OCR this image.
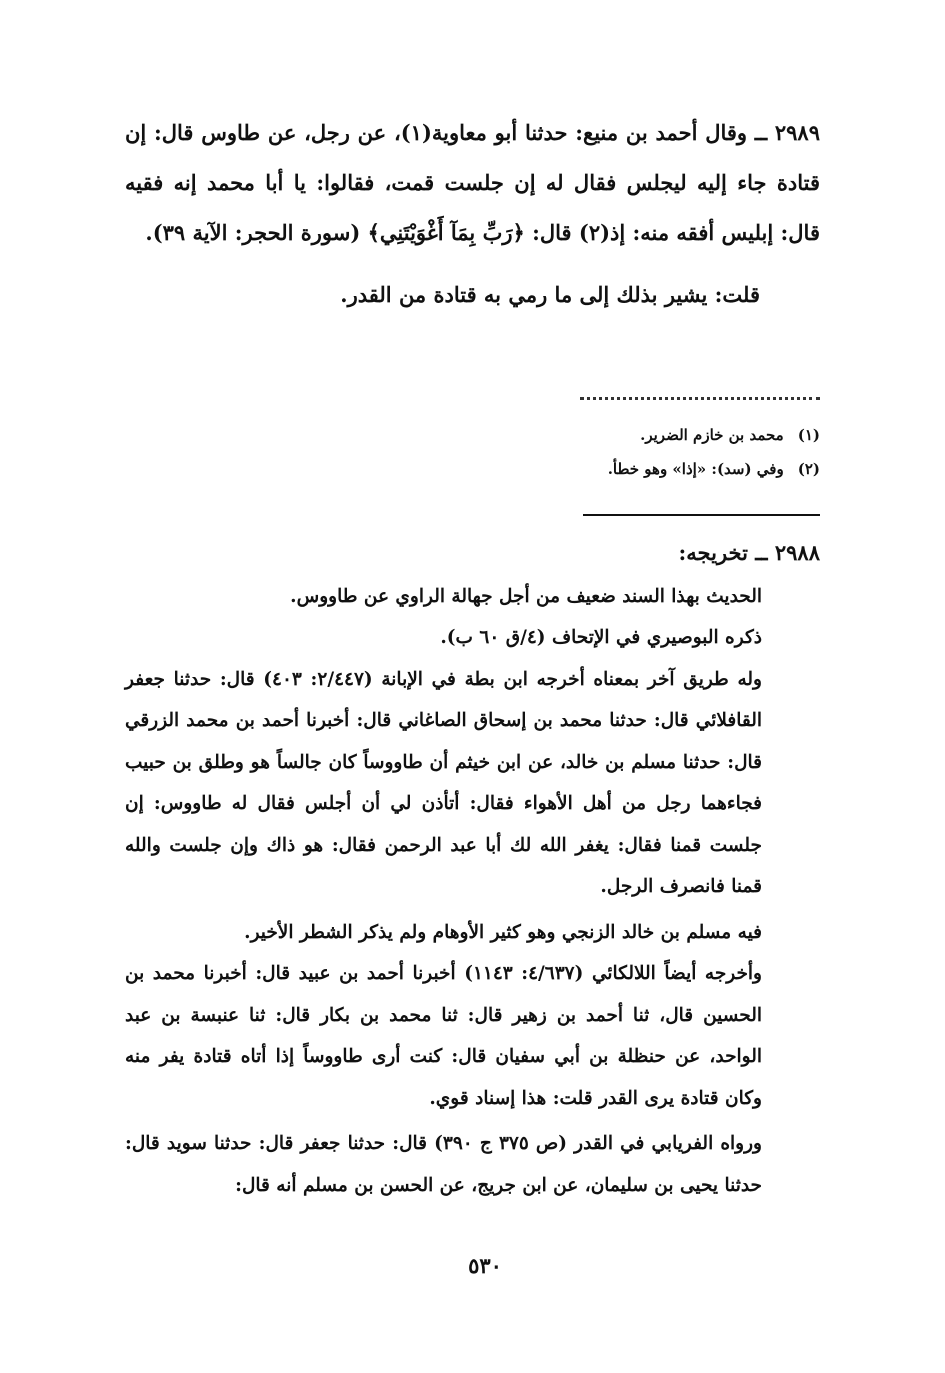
٢٩٨٩ ــ وقال أحمد بن منيع: حدثنا أبو معاوية(١)، عن رجل، عن طاوس قال: إن قتادة جاء إليه ليجلس فقال له إن جلست قمت، فقالوا: يا أبا محمد إنه فقيه قال: إبليس أفقه منه: إذ(٢) قال: ﴿رَبِّ بِمَآ أَغْوَيْتَنِي﴾ (سورة الحجر: الآية ٣٩).

قلت: يشير بذلك إلى ما رمي به قتادة من القدر.

(١)محمد بن خازم الضرير.

(٢)وفي (سد): «إذا» وهو خطأ.

٢٩٨٨ ــ تخريجه:

الحديث بهذا السند ضعيف من أجل جهالة الراوي عن طاووس.

ذكره البوصيري في الإتحاف (٤/ق ٦٠ ب).

وله طريق آخر بمعناه أخرجه ابن بطة في الإبانة (٢/٤٤٧: ٤٠٣) قال: حدثنا جعفر القافلائي قال: حدثنا محمد بن إسحاق الصاغاني قال: أخبرنا أحمد بن محمد الزرقي قال: حدثنا مسلم بن خالد، عن ابن خيثم أن طاووساً كان جالساً هو وطلق بن حبيب فجاءهما رجل من أهل الأهواء فقال: أتأذن لي أن أجلس فقال له طاووس: إن جلست قمنا فقال: يغفر الله لك أبا عبد الرحمن فقال: هو ذاك وإن جلست والله قمنا فانصرف الرجل.

فيه مسلم بن خالد الزنجي وهو كثير الأوهام ولم يذكر الشطر الأخير.

وأخرجه أيضاً اللالكائي (٤/٦٣٧: ١١٤٣) أخبرنا أحمد بن عبيد قال: أخبرنا محمد بن الحسين قال، ثنا أحمد بن زهير قال: ثنا محمد بن بكار قال: ثنا عنبسة بن عبد الواحد، عن حنظلة بن أبي سفيان قال: كنت أرى طاووساً إذا أتاه قتادة يفر منه وكان قتادة يرى القدر قلت: هذا إسناد قوي.

ورواه الفريابي في القدر (ص ٣٧٥ ج ٣٩٠) قال: حدثنا جعفر قال: حدثنا سويد قال: حدثنا يحيى بن سليمان، عن ابن جريج، عن الحسن بن مسلم أنه قال:

٥٣٠
